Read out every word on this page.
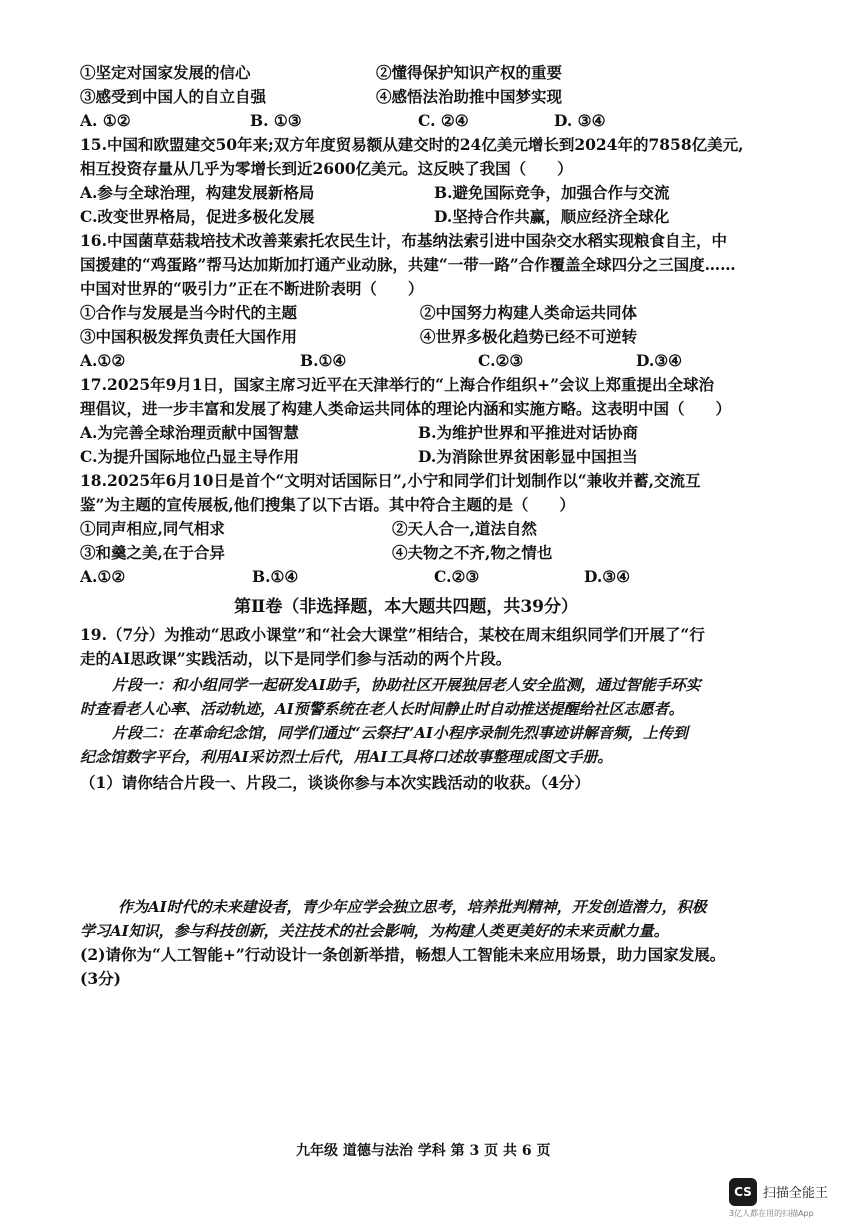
①坚定对国家发展的信心	②懂得保护知识产权的重要
③感受到中国人的自立自强	④感悟法治助推中国梦实现
A. ①②	B. ①③	C. ②④	D. ③④
15.中国和欧盟建交50年来;双方年度贸易额从建交时的24亿美元增长到2024年的7858亿美元,
相互投资存量从几乎为零增长到近2600亿美元。这反映了我国（　　）
A.参与全球治理，构建发展新格局	B.避免国际竞争，加强合作与交流
C.改变世界格局，促进多极化发展	D.坚持合作共赢，顺应经济全球化
16.中国菌草菇栽培技术改善莱索托农民生计，布基纳法索引进中国杂交水稻实现粮食自主，中
国援建的“鸡蛋路”帮马达加斯加打通产业动脉，共建“一带一路”合作覆盖全球四分之三国度……
中国对世界的“吸引力”正在不断进阶表明（　　）
①合作与发展是当今时代的主题	②中国努力构建人类命运共同体
③中国积极发挥负责任大国作用	④世界多极化趋势已经不可逆转
A.①②	B.①④	C.②③	D.③④
17.2025年9月1日，国家主席习近平在天津举行的“上海合作组织+”会议上郑重提出全球治
理倡议，进一步丰富和发展了构建人类命运共同体的理论内涵和实施方略。这表明中国（　　）
A.为完善全球治理贡献中国智慧	B.为维护世界和平推进对话协商
C.为提升国际地位凸显主导作用	D.为消除世界贫困彰显中国担当
18.2025年6月10日是首个“文明对话国际日”,小宁和同学们计划制作以“兼收并蓄,交流互
鉴”为主题的宣传展板,他们搜集了以下古语。其中符合主题的是（　　）
①同声相应,同气相求	②天人合一,道法自然
③和羹之美,在于合异	④夫物之不齐,物之情也
A.①②	B.①④	C.②③	D.③④
第Ⅱ卷（非选择题，本大题共四题，共39分）
19.（7分）为推动“思政小课堂”和“社会大课堂”相结合，某校在周末组织同学们开展了“行
走的AI思政课”实践活动，以下是同学们参与活动的两个片段。
片段一：和小组同学一起研发AI助手，协助社区开展独居老人安全监测，通过智能手环实
时查看老人心率、活动轨迹，AI预警系统在老人长时间静止时自动推送提醒给社区志愿者。
片段二：在革命纪念馆，同学们通过“云祭扫”AI小程序录制先烈事迹讲解音频，上传到
纪念馆数字平台，利用AI采访烈士后代，用AI工具将口述故事整理成图文手册。
（1）请你结合片段一、片段二，谈谈你参与本次实践活动的收获。（4分）
作为AI时代的未来建设者，青少年应学会独立思考，培养批判精神，开发创造潜力，积极
学习AI知识，参与科技创新，关注技术的社会影响，为构建人类更美好的未来贡献力量。
(2)请你为“人工智能+”行动设计一条创新举措，畅想人工智能未来应用场景，助力国家发展。
(3分)
九年级 道德与法治 学科 第 3 页 共 6 页
CS 扫描全能王
3亿人都在用的扫描App
